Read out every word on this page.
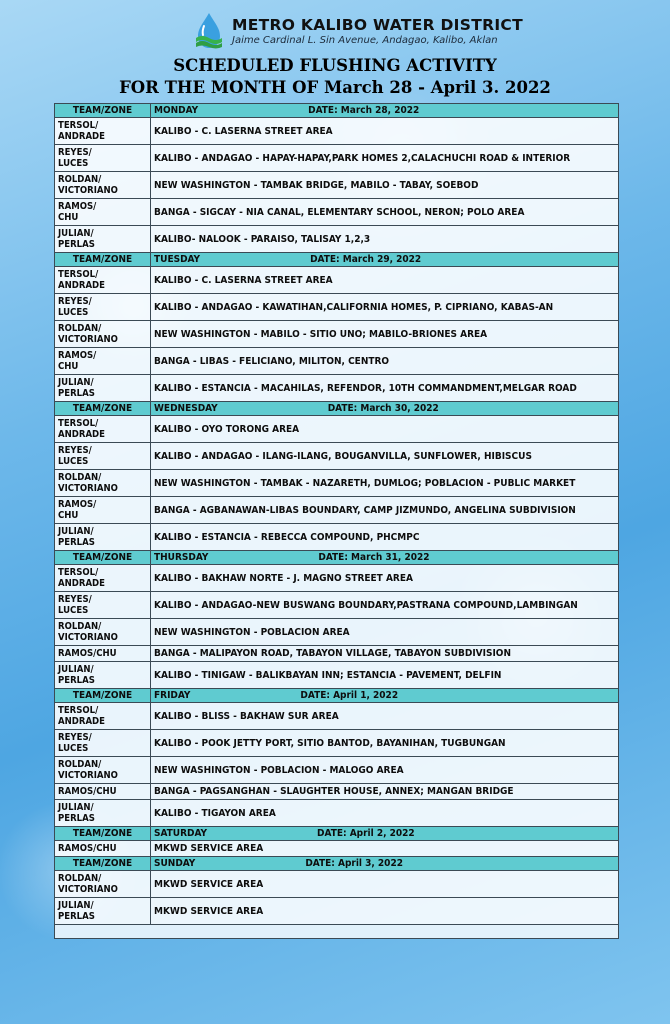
METRO KALIBO WATER DISTRICT
Jaime Cardinal L. Sin Avenue, Andagao, Kalibo, Aklan
SCHEDULED FLUSHING ACTIVITY
FOR THE MONTH OF March 28 - April 3. 2022
TEAM/ZONE	MONDAY DATE: March 28, 2022

TERSOL/
ANDRADE	KALIBO - C. LASERNA STREET AREA

REYES/
LUCES	KALIBO - ANDAGAO - HAPAY-HAPAY,PARK HOMES 2,CALACHUCHI ROAD & INTERIOR

ROLDAN/
VICTORIANO	NEW WASHINGTON - TAMBAK BRIDGE, MABILO - TABAY, SOEBOD

RAMOS/
CHU	BANGA - SIGCAY - NIA CANAL, ELEMENTARY SCHOOL, NERON; POLO AREA

JULIAN/
PERLAS	KALIBO- NALOOK - PARAISO, TALISAY 1,2,3
TEAM/ZONE	TUESDAY DATE: March 29, 2022

TERSOL/
ANDRADE	KALIBO - C. LASERNA STREET AREA

REYES/
LUCES	KALIBO - ANDAGAO - KAWATIHAN,CALIFORNIA HOMES, P. CIPRIANO, KABAS-AN

ROLDAN/
VICTORIANO	NEW WASHINGTON - MABILO - SITIO UNO; MABILO-BRIONES AREA

RAMOS/
CHU	BANGA - LIBAS - FELICIANO, MILITON, CENTRO

JULIAN/
PERLAS	KALIBO - ESTANCIA - MACAHILAS, REFENDOR, 10TH COMMANDMENT,MELGAR ROAD
TEAM/ZONE	WEDNESDAY DATE: March 30, 2022

TERSOL/
ANDRADE	KALIBO - OYO TORONG AREA

REYES/
LUCES	KALIBO - ANDAGAO - ILANG-ILANG, BOUGANVILLA, SUNFLOWER, HIBISCUS

ROLDAN/
VICTORIANO	NEW WASHINGTON - TAMBAK - NAZARETH, DUMLOG; POBLACION - PUBLIC MARKET

RAMOS/
CHU	BANGA - AGBANAWAN-LIBAS BOUNDARY, CAMP JIZMUNDO, ANGELINA SUBDIVISION

JULIAN/
PERLAS	KALIBO - ESTANCIA - REBECCA COMPOUND, PHCMPC
TEAM/ZONE	THURSDAY DATE: March 31, 2022

TERSOL/
ANDRADE	KALIBO - BAKHAW NORTE - J. MAGNO STREET AREA

REYES/
LUCES	KALIBO - ANDAGAO-NEW BUSWANG BOUNDARY,PASTRANA COMPOUND,LAMBINGAN

ROLDAN/
VICTORIANO	NEW WASHINGTON - POBLACION AREA

RAMOS/CHU	BANGA - MALIPAYON ROAD, TABAYON VILLAGE, TABAYON SUBDIVISION

JULIAN/
PERLAS	KALIBO - TINIGAW - BALIKBAYAN INN; ESTANCIA - PAVEMENT, DELFIN
TEAM/ZONE	FRIDAY DATE: April 1, 2022

TERSOL/
ANDRADE	KALIBO - BLISS - BAKHAW SUR AREA

REYES/
LUCES	KALIBO - POOK JETTY PORT, SITIO BANTOD, BAYANIHAN, TUGBUNGAN

ROLDAN/
VICTORIANO	NEW WASHINGTON - POBLACION - MALOGO AREA

RAMOS/CHU	BANGA - PAGSANGHAN - SLAUGHTER HOUSE, ANNEX; MANGAN BRIDGE

JULIAN/
PERLAS	KALIBO - TIGAYON AREA
TEAM/ZONE	SATURDAY DATE: April 2, 2022

RAMOS/CHU	MKWD SERVICE AREA
TEAM/ZONE	SUNDAY DATE: April 3, 2022

ROLDAN/
VICTORIANO	MKWD SERVICE AREA

JULIAN/
PERLAS	MKWD SERVICE AREA
